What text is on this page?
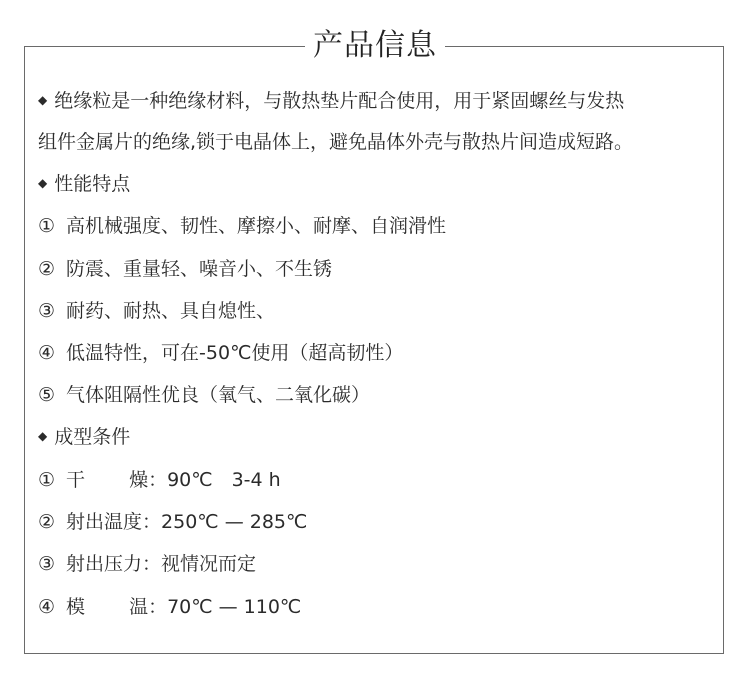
产品信息
◆ 绝缘粒是一种绝缘材料，与散热垫片配合使用，用于紧固螺丝与发热
组件金属片的绝缘,锁于电晶体上，避免晶体外壳与散热片间造成短路。
◆ 性能特点
① 高机械强度、韧性、摩擦小、耐摩、自润滑性
② 防震、重量轻、噪音小、不生锈
③ 耐药、耐热、具自熄性、
④ 低温特性，可在-50℃使用（超高韧性）
⑤ 气体阻隔性优良（氧气、二氧化碳）
◆ 成型条件
① 干 燥：90℃　3-4 h
② 射出温度：250℃ — 285℃
③ 射出压力：视情况而定
④ 模 温：70℃ — 110℃
